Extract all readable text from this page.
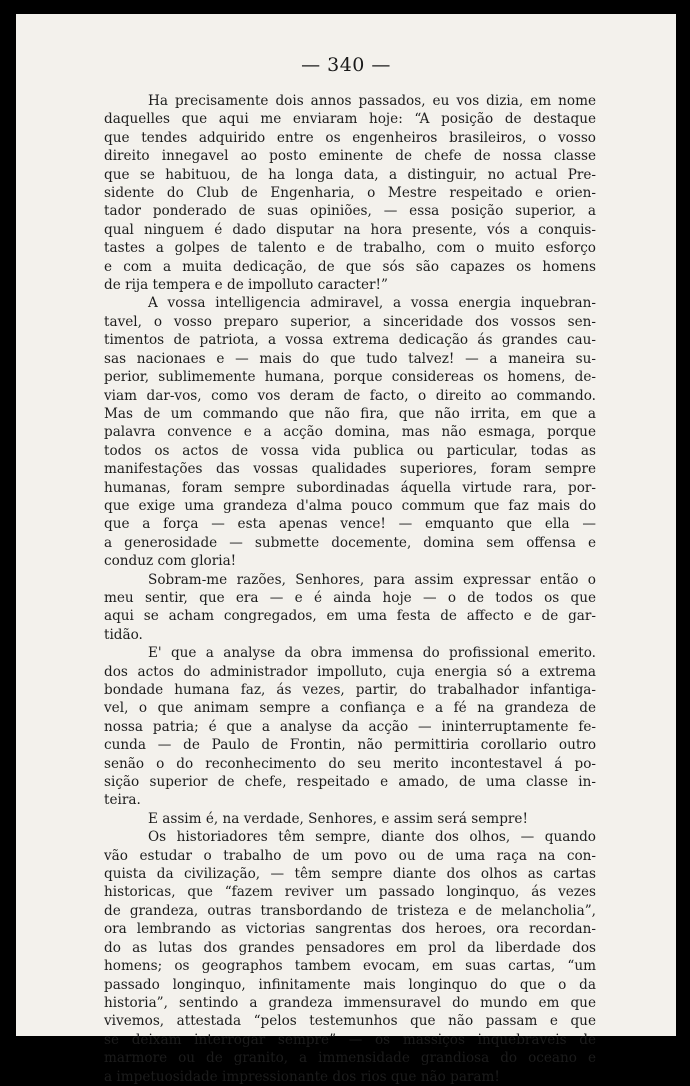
— 340 —
Ha precisamente dois annos passados, eu vos dizia, em nome
daquelles que aqui me enviaram hoje: “A posição de destaque
que tendes adquirido entre os engenheiros brasileiros, o vosso
direito innegavel ao posto eminente de chefe de nossa classe
que se habituou, de ha longa data, a distinguir, no actual Pre-
sidente do Club de Engenharia, o Mestre respeitado e orien-
tador ponderado de suas opiniões, — essa posição superior, a
qual ninguem é dado disputar na hora presente, vós a conquis-
tastes a golpes de talento e de trabalho, com o muito esforço
e com a muita dedicação, de que sós são capazes os homens
de rija tempera e de impolluto caracter!”
A vossa intelligencia admiravel, a vossa energia inquebran-
tavel, o vosso preparo superior, a sinceridade dos vossos sen-
timentos de patriota, a vossa extrema dedicação ás grandes cau-
sas nacionaes e — mais do que tudo talvez! — a maneira su-
perior, sublimemente humana, porque considereas os homens, de-
viam dar-vos, como vos deram de facto, o direito ao commando.
Mas de um commando que não fira, que não irrita, em que a
palavra convence e a acção domina, mas não esmaga, porque
todos os actos de vossa vida publica ou particular, todas as
manifestações das vossas qualidades superiores, foram sempre
humanas, foram sempre subordinadas áquella virtude rara, por-
que exige uma grandeza d'alma pouco commum que faz mais do
que a força — esta apenas vence! — emquanto que ella —
a generosidade — submette docemente, domina sem offensa e
conduz com gloria!
Sobram-me razões, Senhores, para assim expressar então o
meu sentir, que era — e é ainda hoje — o de todos os que
aqui se acham congregados, em uma festa de affecto e de gar-
tidão.
E' que a analyse da obra immensa do profissional emerito.
dos actos do administrador impolluto, cuja energia só a extrema
bondade humana faz, ás vezes, partir, do trabalhador infantiga-
vel, o que animam sempre a confiança e a fé na grandeza de
nossa patria; é que a analyse da acção — ininterruptamente fe-
cunda — de Paulo de Frontin, não permittiria corollario outro
senão o do reconhecimento do seu merito incontestavel á po-
sição superior de chefe, respeitado e amado, de uma classe in-
teira.
E assim é, na verdade, Senhores, e assim será sempre!
Os historiadores têm sempre, diante dos olhos, — quando
vão estudar o trabalho de um povo ou de uma raça na con-
quista da civilização, — têm sempre diante dos olhos as cartas
historicas, que “fazem reviver um passado longinquo, ás vezes
de grandeza, outras transbordando de tristeza e de melancholia”,
ora lembrando as victorias sangrentas dos heroes, ora recordan-
do as lutas dos grandes pensadores em prol da liberdade dos
homens; os geographos tambem evocam, em suas cartas, “um
passado longinquo, infinitamente mais longinquo do que o da
historia”, sentindo a grandeza immensuravel do mundo em que
vivemos, attestada “pelos testemunhos que não passam e que
se deixam interrogar sempre” — os massiços inquebraveis de
marmore ou de granito, a immensidade grandiosa do oceano e
a impetuosidade impressionante dos rios que não param!
